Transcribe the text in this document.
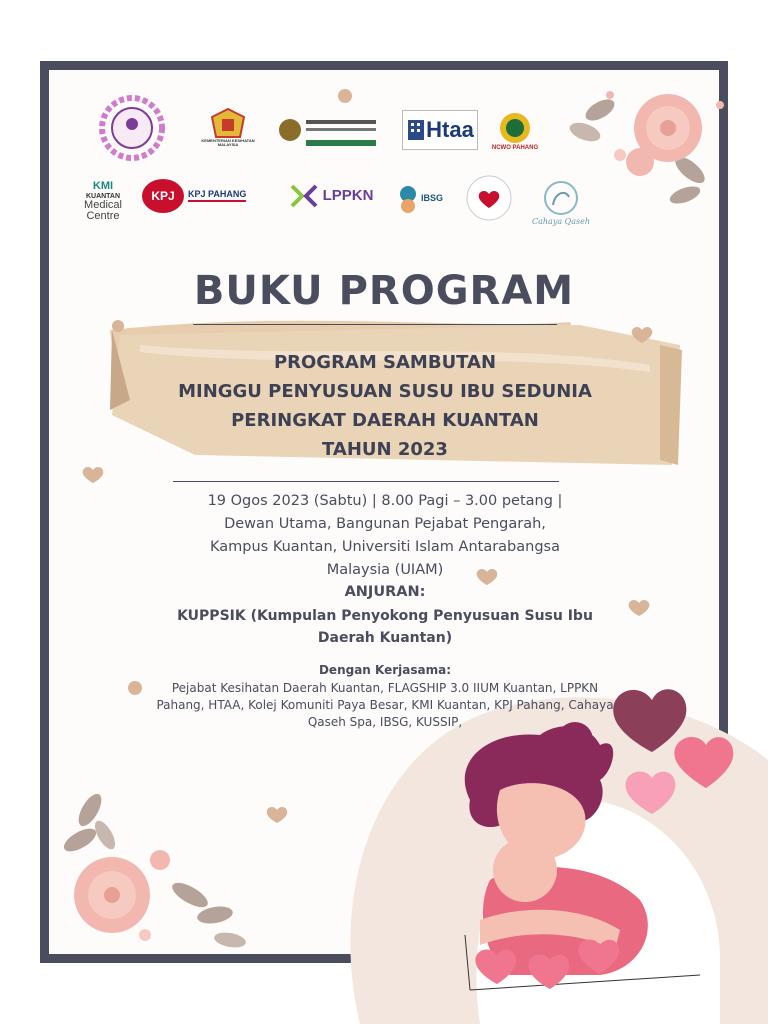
KEMENTERIAN KESIHATAN MALAYSIA
Htaa
NCWO PAHANG
KMI
KUANTAN
Medical Centre
KPJ	KPJ PAHANG	LPPKN	IBSG
Cahaya Qaseh
BUKU PROGRAM
PROGRAM SAMBUTAN
MINGGU PENYUSUAN SUSU IBU SEDUNIA
PERINGKAT DAERAH KUANTAN
TAHUN 2023
19 Ogos 2023 (Sabtu) | 8.00 Pagi – 3.00 petang |
Dewan Utama, Bangunan Pejabat Pengarah,
Kampus Kuantan, Universiti Islam Antarabangsa
Malaysia (UIAM)
ANJURAN:
KUPPSIK (Kumpulan Penyokong Penyusuan Susu Ibu Daerah Kuantan)
Dengan Kerjasama:
Pejabat Kesihatan Daerah Kuantan, FLAGSHIP 3.0 IIUM Kuantan, LPPKN Pahang, HTAA, Kolej Komuniti Paya Besar, KMI Kuantan, KPJ Pahang, Cahaya Qaseh Spa, IBSG, KUSSIP,
